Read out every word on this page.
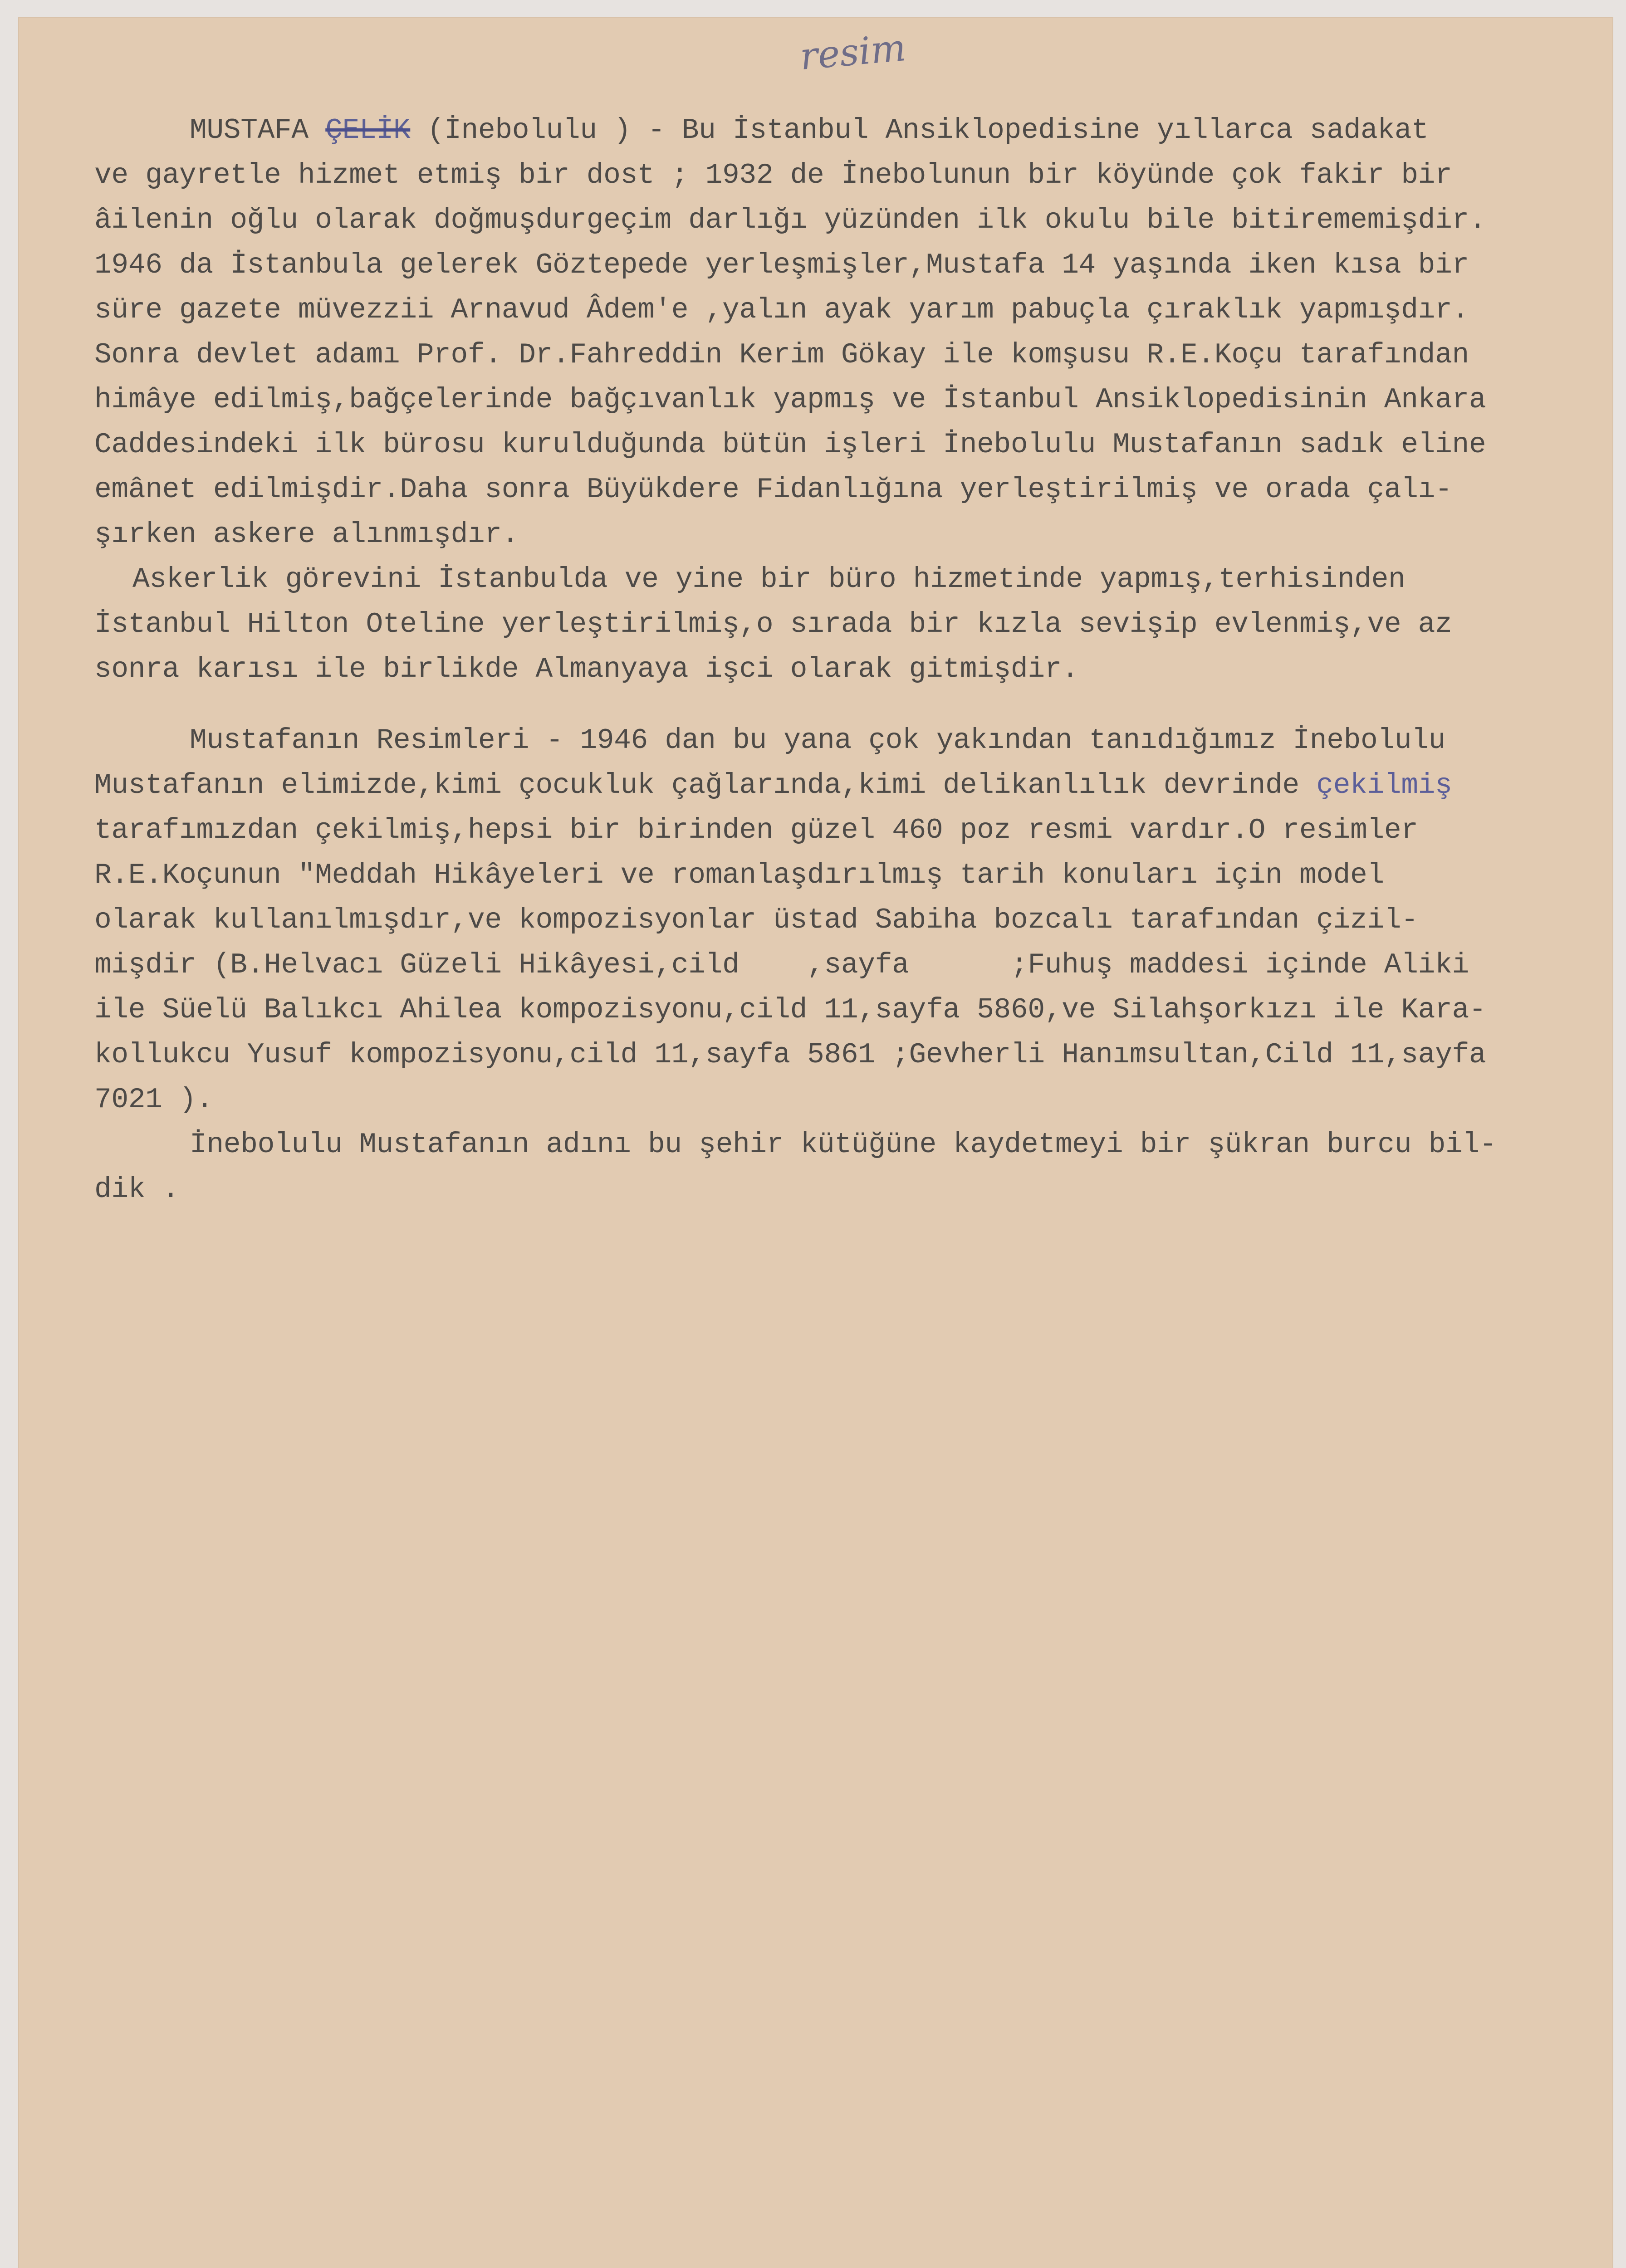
resim
MUSTAFA ÇELİK (İnebolulu ) - Bu İstanbul Ansiklopedisine yıllarca sadakat
ve gayretle hizmet etmiş bir dost ; 1932 de İnebolunun bir köyünde çok fakir bir
âilenin oğlu olarak doğmuşdurgeçim darlığı yüzünden ilk okulu bile bitirememişdir.
1946 da İstanbula gelerek Göztepede yerleşmişler,Mustafa 14 yaşında iken kısa bir
süre gazete müvezzii Arnavud Âdem'e ,yalın ayak yarım pabuçla çıraklık yapmışdır.
Sonra devlet adamı Prof. Dr.Fahreddin Kerim Gökay ile komşusu R.E.Koçu tarafından
himâye edilmiş,bağçelerinde bağçıvanlık yapmış ve İstanbul Ansiklopedisinin Ankara
Caddesindeki ilk bürosu kurulduğunda bütün işleri İnebolulu Mustafanın sadık eline
emânet edilmişdir.Daha sonra Büyükdere Fidanlığına yerleştirilmiş ve orada çalı-
şırken askere alınmışdır.
Askerlik görevini İstanbulda ve yine bir büro hizmetinde yapmış,terhisinden
İstanbul Hilton Oteline yerleştirilmiş,o sırada bir kızla sevişip evlenmiş,ve az
sonra karısı ile birlikde Almanyaya işci olarak gitmişdir.
Mustafanın Resimleri - 1946 dan bu yana çok yakından tanıdığımız İnebolulu
Mustafanın elimizde,kimi çocukluk çağlarında,kimi delikanlılık devrinde çekilmiş
tarafımızdan çekilmiş,hepsi bir birinden güzel 460 poz resmi vardır.O resimler
R.E.Koçunun "Meddah Hikâyeleri ve romanlaşdırılmış tarih konuları için model
olarak kullanılmışdır,ve kompozisyonlar üstad Sabiha bozcalı tarafından çizil-
mişdir (B.Helvacı Güzeli Hikâyesi,cild    ,sayfa      ;Fuhuş maddesi içinde Aliki
ile Süelü Balıkcı Ahilea kompozisyonu,cild 11,sayfa 5860,ve Silahşorkızı ile Kara-
kollukcu Yusuf kompozisyonu,cild 11,sayfa 5861 ;Gevherli Hanımsultan,Cild 11,sayfa
7021 ).
İnebolulu Mustafanın adını bu şehir kütüğüne kaydetmeyi bir şükran burcu bil-
dik .
